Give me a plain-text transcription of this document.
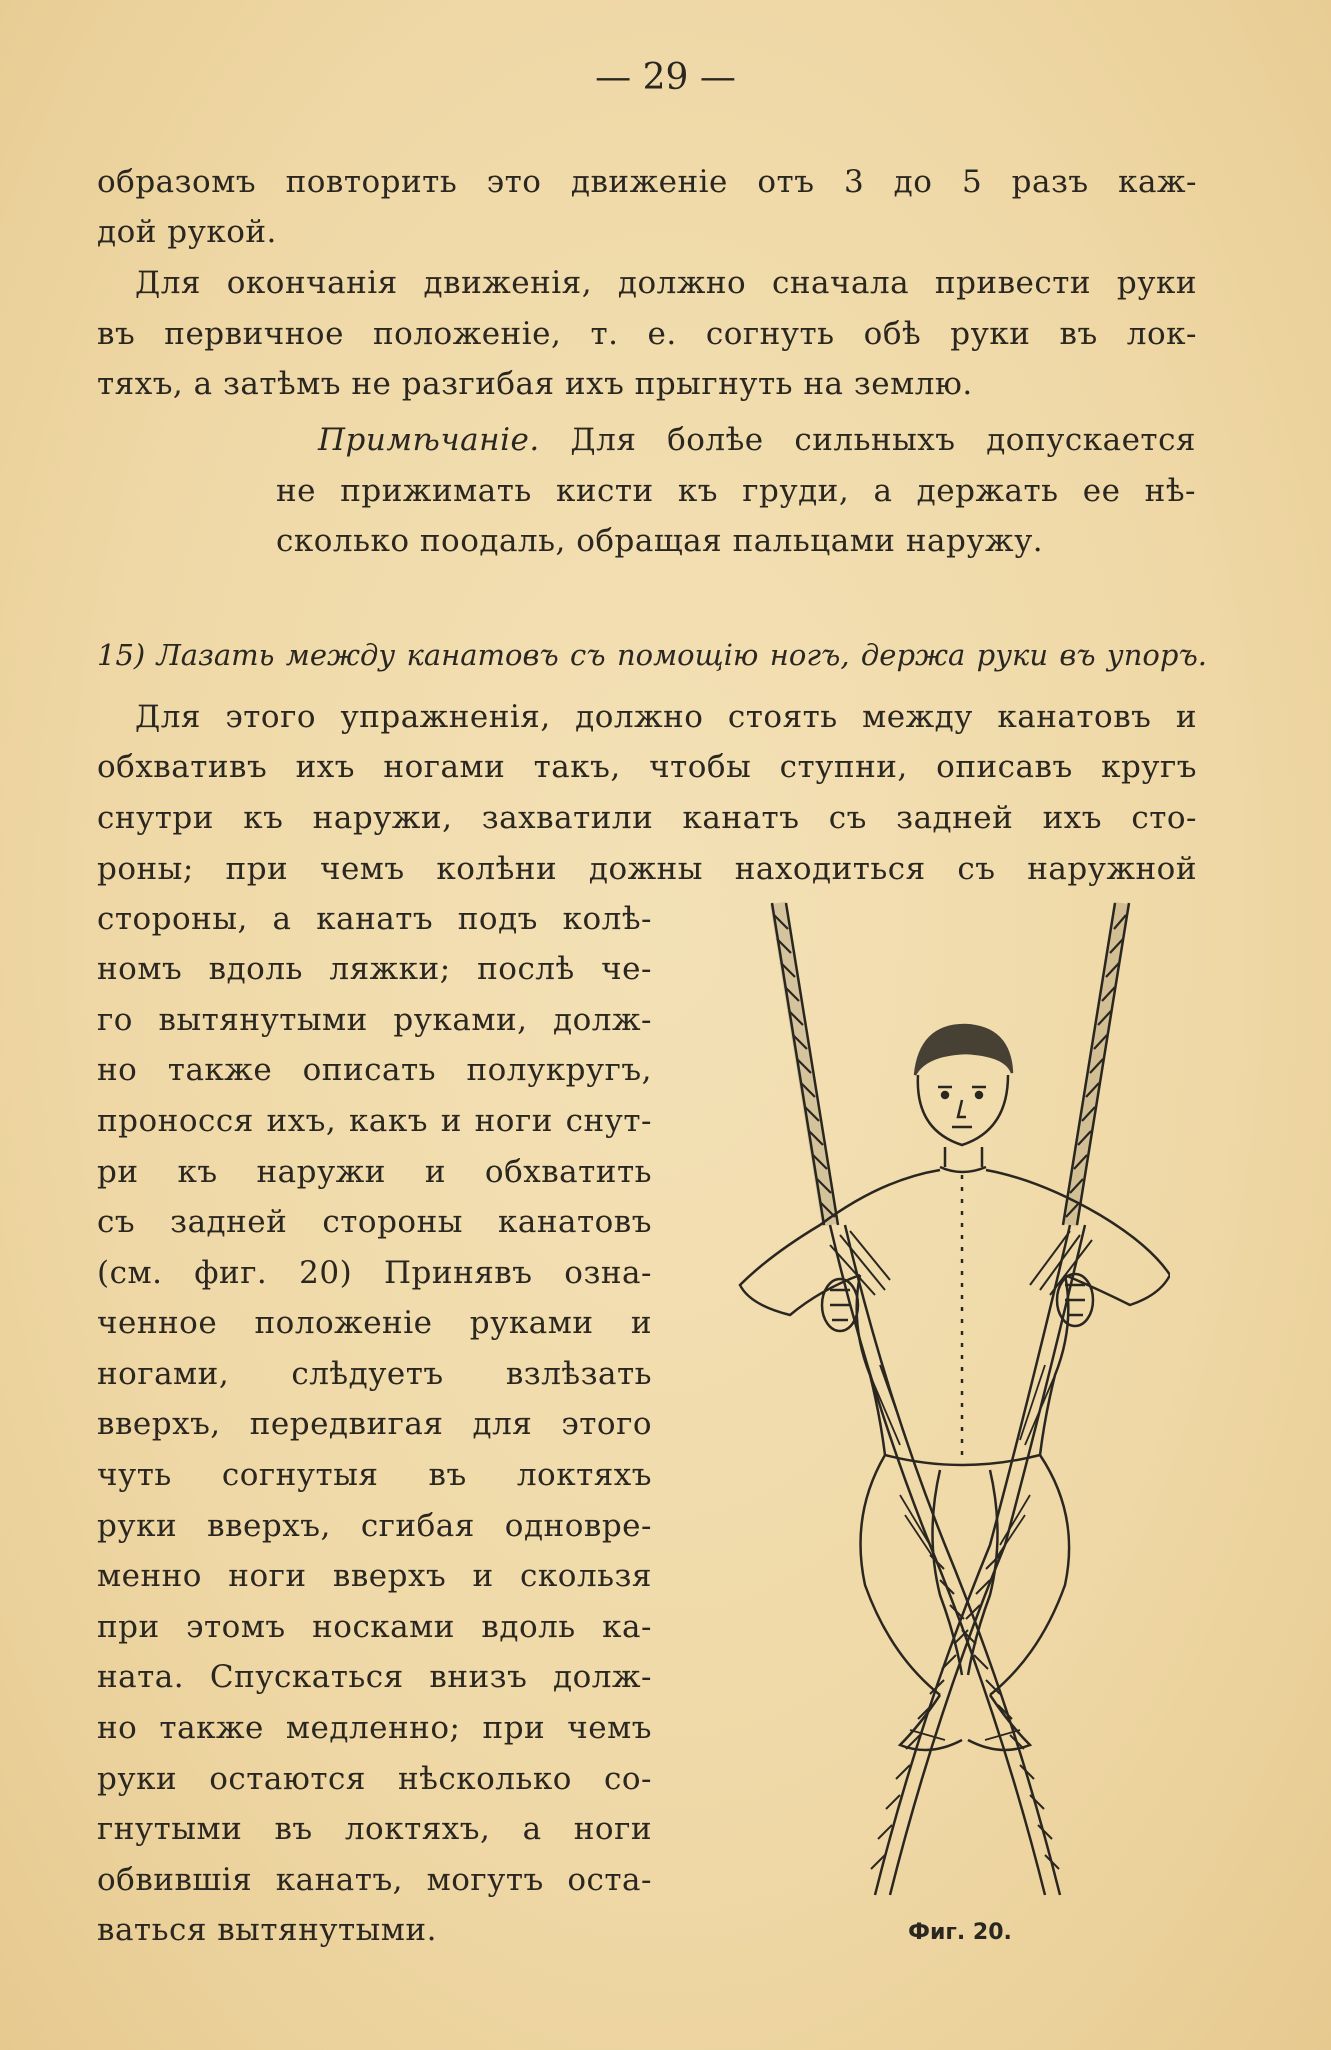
— 29 —
образомъ повторить это движеніе отъ 3 до 5 разъ каж-
дой рукой.
Для окончанія движенія, должно сначала привести руки
въ первичное положеніе, т. е. согнуть обѣ руки въ лок-
тяхъ, а затѣмъ не разгибая ихъ прыгнуть на землю.
Примѣчаніе. Для болѣе сильныхъ допускается
не прижимать кисти къ груди, а держать ее нѣ-
сколько поодаль, обращая пальцами наружу.
15) Лазать между канатовъ съ помощію ногъ, держа руки въ упоръ.
Для этого упражненія, должно стоять между канатовъ и
обхвативъ ихъ ногами такъ, чтобы ступни, описавъ кругъ
снутри къ наружи, захватили канатъ съ задней ихъ сто-
роны; при чемъ колѣни дожны находиться съ наружной
стороны, а канатъ подъ колѣ-
номъ вдоль ляжки; послѣ че-
го вытянутыми руками, долж-
но также описать полукругъ,
проносся ихъ, какъ и ноги снут-
ри къ наружи и обхватить
съ задней стороны канатовъ
(см. фиг. 20) Принявъ озна-
ченное положеніе руками и
ногами, слѣдуетъ взлѣзать
вверхъ, передвигая для этого
чуть согнутыя въ локтяхъ
руки вверхъ, сгибая одновре-
менно ноги вверхъ и скользя
при этомъ носками вдоль ка-
ната. Спускаться внизъ долж-
но также медленно; при чемъ
руки остаются нѣсколько со-
гнутыми въ локтяхъ, а ноги
обвившія канатъ, могутъ оста-
ваться вытянутыми.	Фиг. 20.
